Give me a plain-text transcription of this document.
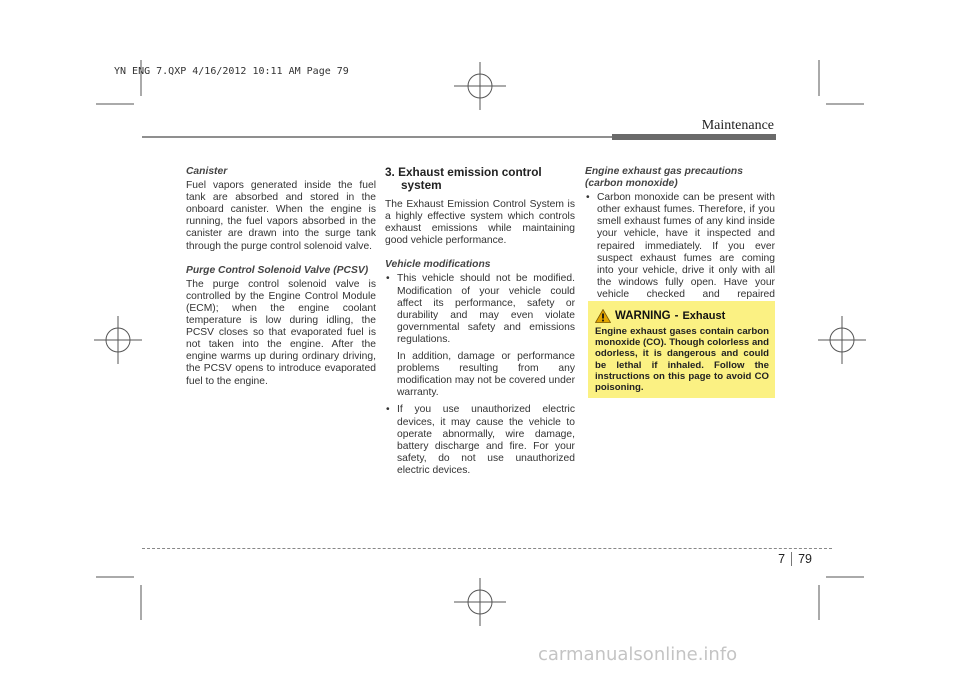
YN ENG 7.QXP 4/16/2012 10:11 AM Page 79
Maintenance

Canister

Fuel vapors generated inside the fuel tank are absorbed and stored in the onboard canister. When the engine is running, the fuel vapors absorbed in the canister are drawn into the surge tank through the purge control solenoid valve.

Purge Control Solenoid Valve (PCSV)

The purge control solenoid valve is controlled by the Engine Control Module (ECM); when the engine coolant temperature is low during idling, the PCSV closes so that evaporated fuel is not taken into the engine. After the engine warms up during ordinary driving, the PCSV opens to introduce evaporated fuel to the engine.

3. Exhaust emission control
system

The Exhaust Emission Control System is a highly effective system which controls exhaust emissions while maintaining good vehicle performance.

Vehicle modifications

• This vehicle should not be modified. Modification of your vehicle could affect its performance, safety or durability and may even violate governmental safety and emissions regulations.

In addition, damage or performance problems resulting from any modification may not be covered under warranty.

• If you use unauthorized electric devices, it may cause the vehicle to operate abnormally, wire damage, battery discharge and fire. For your safety, do not use unauthorized electric devices.

Engine exhaust gas precautions (carbon monoxide)

• Carbon monoxide can be present with other exhaust fumes. Therefore, if you smell exhaust fumes of any kind inside your vehicle, have it inspected and repaired immediately. If you ever suspect exhaust fumes are coming into your vehicle, drive it only with all the windows fully open. Have your vehicle checked and repaired

WARNING - Exhaust

Engine exhaust gases contain carbon monoxide (CO). Though colorless and odorless, it is dangerous and could be lethal if inhaled. Follow the instructions on this page to avoid CO poisoning.

7 79
carmanualsonline.info
